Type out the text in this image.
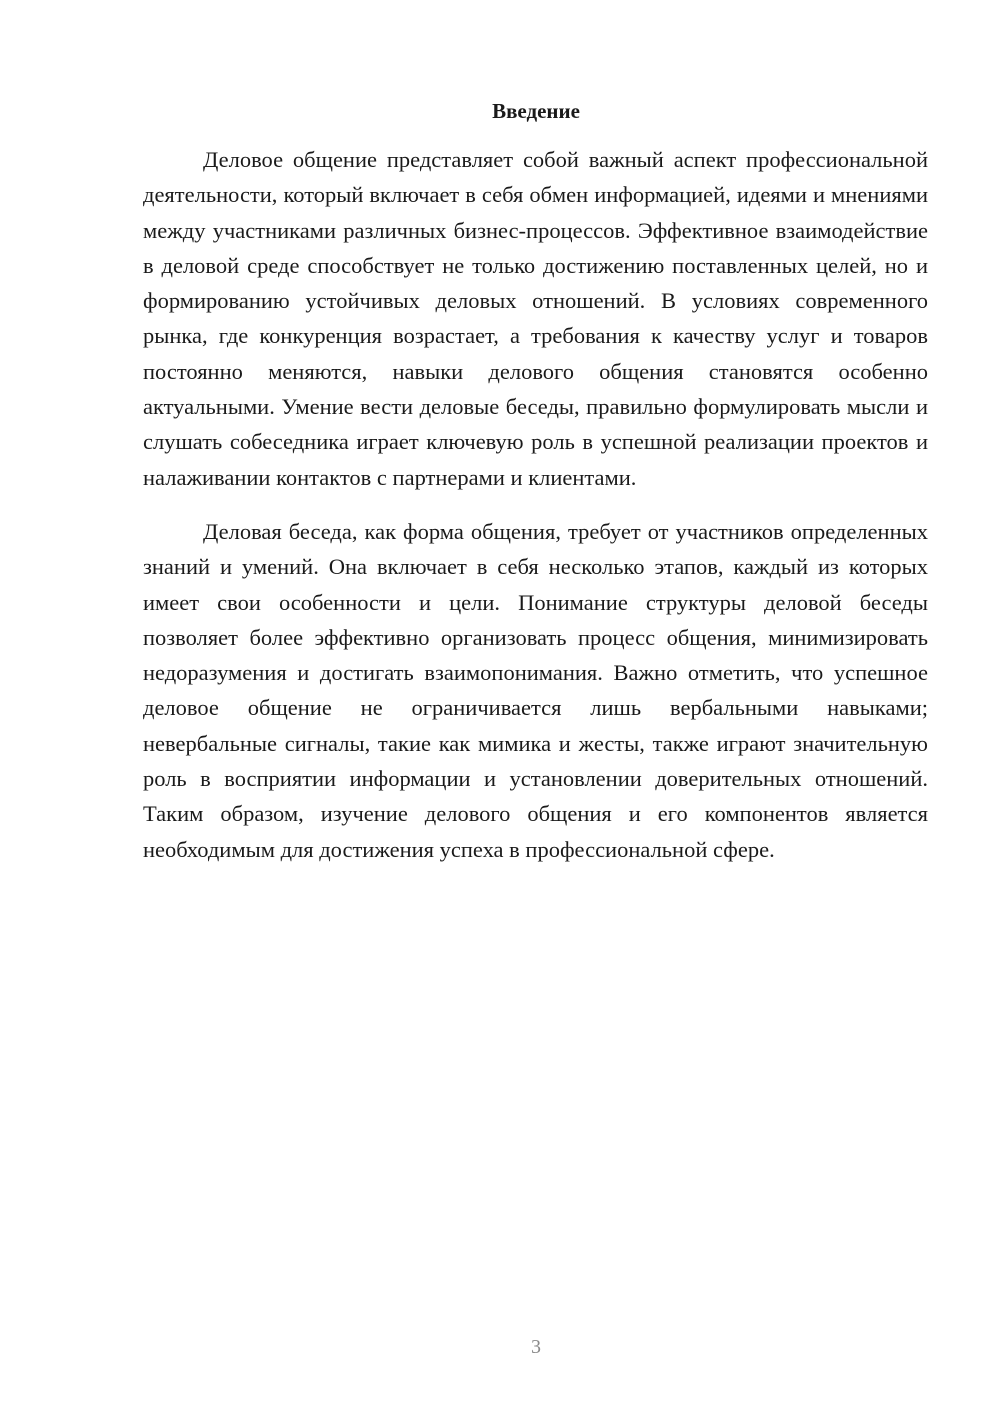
Введение

Деловое общение представляет собой важный аспект профессиональной деятельности, который включает в себя обмен информацией, идеями и мнениями между участниками различных бизнес-процессов. Эффективное взаимодействие в деловой среде способствует не только достижению поставленных целей, но и формированию устойчивых деловых отношений. В условиях современного рынка, где конкуренция возрастает, а требования к качеству услуг и товаров постоянно меняются, навыки делового общения становятся особенно актуальными. Умение вести деловые беседы, правильно формулировать мысли и слушать собеседника играет ключевую роль в успешной реализации проектов и налаживании контактов с партнерами и клиентами.

Деловая беседа, как форма общения, требует от участников определенных знаний и умений. Она включает в себя несколько этапов, каждый из которых имеет свои особенности и цели. Понимание структуры деловой беседы позволяет более эффективно организовать процесс общения, минимизировать недоразумения и достигать взаимопонимания. Важно отметить, что успешное деловое общение не ограничивается лишь вербальными навыками; невербальные сигналы, такие как мимика и жесты, также играют значительную роль в восприятии информации и установлении доверительных отношений. Таким образом, изучение делового общения и его компонентов является необходимым для достижения успеха в профессиональной сфере.

3
